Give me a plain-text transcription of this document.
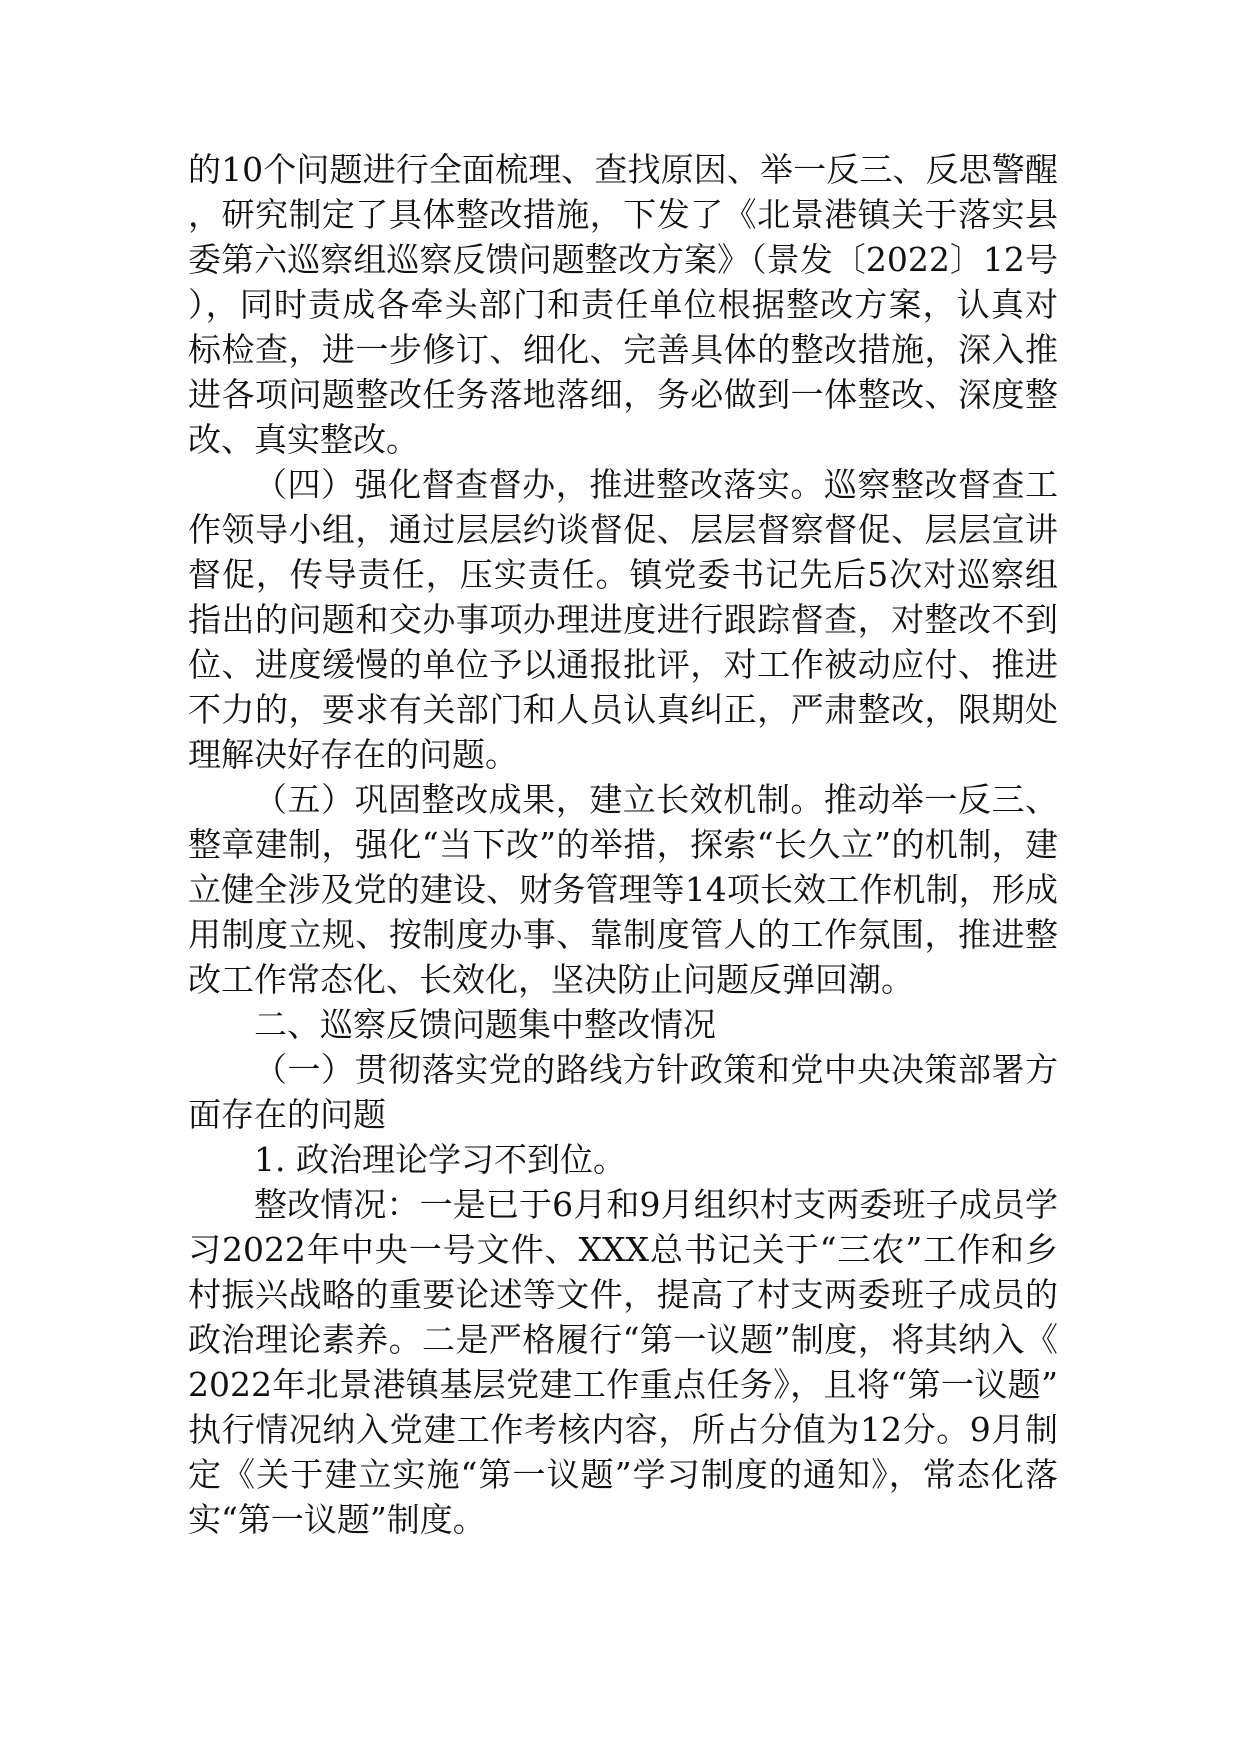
的10个问题进行全面梳理、查找原因、举一反三、反思警醒，研究制定了具体整改措施，下发了《北景港镇关于落实县委第六巡察组巡察反馈问题整改方案》（景发〔2022〕12号），同时责成各牵头部门和责任单位根据整改方案，认真对标检查，进一步修订、细化、完善具体的整改措施，深入推进各项问题整改任务落地落细，务必做到一体整改、深度整改、真实整改。

（四）强化督查督办，推进整改落实。巡察整改督查工作领导小组，通过层层约谈督促、层层督察督促、层层宣讲督促，传导责任，压实责任。镇党委书记先后5次对巡察组指出的问题和交办事项办理进度进行跟踪督查，对整改不到位、进度缓慢的单位予以通报批评，对工作被动应付、推进不力的，要求有关部门和人员认真纠正，严肃整改，限期处理解决好存在的问题。

（五）巩固整改成果，建立长效机制。推动举一反三、整章建制，强化“当下改”的举措，探索“长久立”的机制，建立健全涉及党的建设、财务管理等14项长效工作机制，形成用制度立规、按制度办事、靠制度管人的工作氛围，推进整改工作常态化、长效化，坚决防止问题反弹回潮。

二、巡察反馈问题集中整改情况

（一）贯彻落实党的路线方针政策和党中央决策部署方面存在的问题

1. 政治理论学习不到位。

整改情况：一是已于6月和9月组织村支两委班子成员学习2022年中央一号文件、XXX总书记关于“三农”工作和乡村振兴战略的重要论述等文件，提高了村支两委班子成员的政治理论素养。二是严格履行“第一议题”制度，将其纳入《2022年北景港镇基层党建工作重点任务》，且将“第一议题”执行情况纳入党建工作考核内容，所占分值为12分。9月制定《关于建立实施“第一议题”学习制度的通知》，常态化落实“第一议题”制度。
